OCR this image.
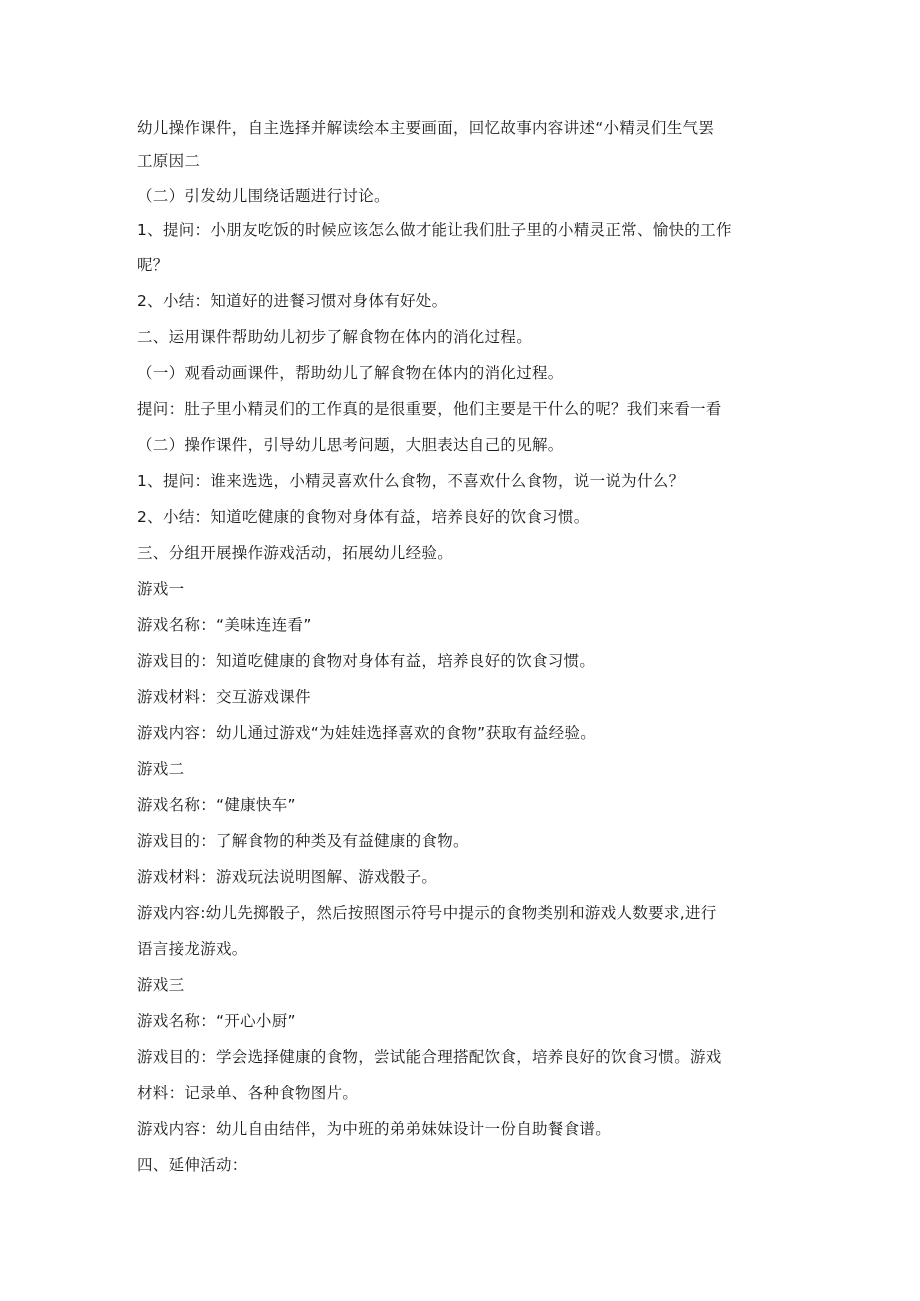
幼儿操作课件，自主选择并解读绘本主要画面，回忆故事内容讲述“小精灵们生气罢
工原因二
（二）引发幼儿围绕话题进行讨论。
1、提问：小朋友吃饭的时候应该怎么做才能让我们肚子里的小精灵正常、愉快的工作
呢？
2、小结：知道好的进餐习惯对身体有好处。
二、运用课件帮助幼儿初步了解食物在体内的消化过程。
（一）观看动画课件，帮助幼儿了解食物在体内的消化过程。
提问：肚子里小精灵们的工作真的是很重要，他们主要是干什么的呢？我们来看一看
（二）操作课件，引导幼儿思考问题，大胆表达自己的见解。
1、提问：谁来选选，小精灵喜欢什么食物，不喜欢什么食物，说一说为什么？
2、小结：知道吃健康的食物对身体有益，培养良好的饮食习惯。
三、分组开展操作游戏活动，拓展幼儿经验。
游戏一
游戏名称：“美味连连看”
游戏目的：知道吃健康的食物对身体有益，培养良好的饮食习惯。
游戏材料：交互游戏课件
游戏内容：幼儿通过游戏“为娃娃选择喜欢的食物”获取有益经验。
游戏二
游戏名称：“健康快车”
游戏目的：了解食物的种类及有益健康的食物。
游戏材料：游戏玩法说明图解、游戏骰子。
游戏内容:幼儿先掷骰子，然后按照图示符号中提示的食物类别和游戏人数要求,进行
语言接龙游戏。
游戏三
游戏名称：“开心小厨”
游戏目的：学会选择健康的食物，尝试能合理搭配饮食，培养良好的饮食习惯。游戏
材料：记录单、各种食物图片。
游戏内容：幼儿自由结伴，为中班的弟弟妹妹设计一份自助餐食谱。
四、延伸活动：
